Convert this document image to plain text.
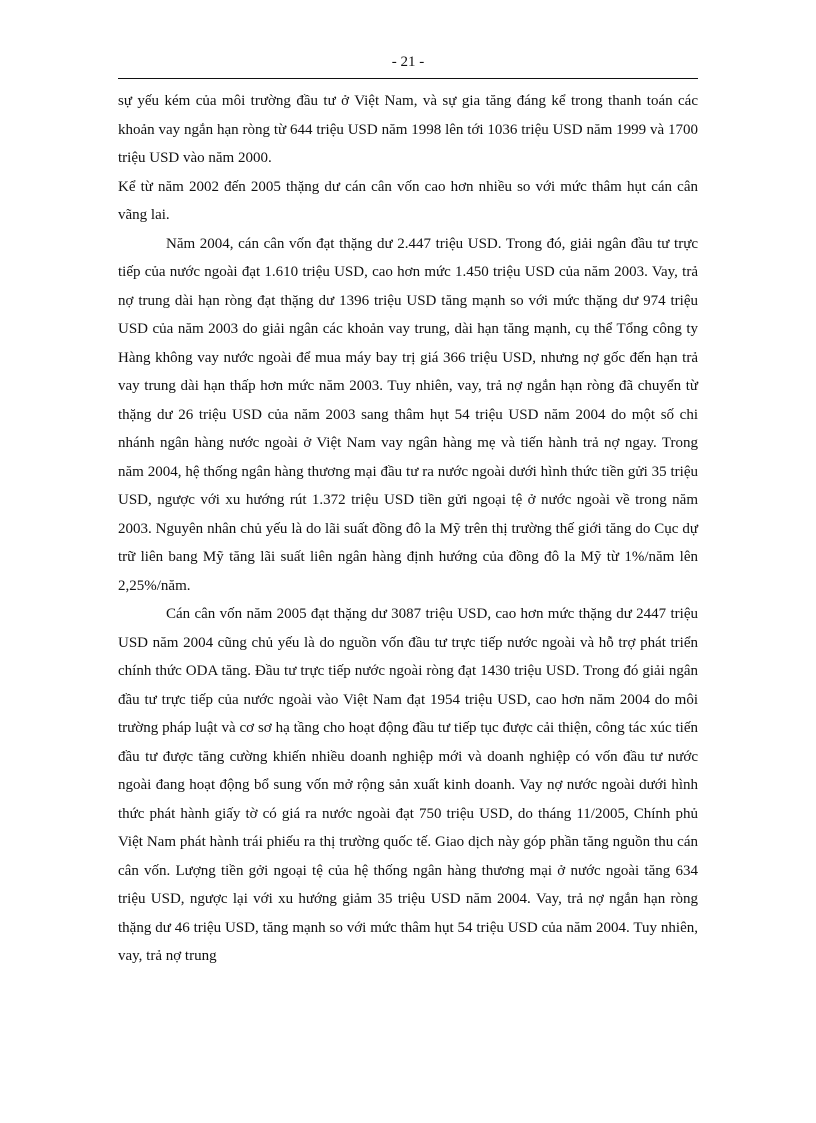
- 21 -

sự yếu kém của môi trường đầu tư ở Việt Nam, và sự gia tăng đáng kể trong thanh toán các khoản vay ngắn hạn ròng từ 644 triệu USD năm 1998 lên tới 1036 triệu USD năm 1999 và 1700 triệu USD vào năm 2000.

Kể từ năm 2002 đến 2005 thặng dư cán cân vốn cao hơn nhiều so với mức thâm hụt cán cân vãng lai.

Năm 2004, cán cân vốn đạt thặng dư 2.447 triệu USD. Trong đó, giải ngân đầu tư trực tiếp của nước ngoài đạt 1.610 triệu USD, cao hơn mức 1.450 triệu USD của năm 2003. Vay, trả nợ trung dài hạn ròng đạt thặng dư 1396 triệu USD tăng mạnh so với mức thặng dư 974 triệu USD của năm 2003 do giải ngân các khoản vay trung, dài hạn tăng mạnh, cụ thể Tổng công ty Hàng không vay nước ngoài để mua máy bay trị giá 366 triệu USD, nhưng nợ gốc đến hạn trả vay trung dài hạn thấp hơn mức năm 2003. Tuy nhiên, vay, trả nợ ngắn hạn ròng đã chuyển từ thặng dư 26 triệu USD của năm 2003 sang thâm hụt 54 triệu USD năm 2004 do một số chi nhánh ngân hàng nước ngoài ở Việt Nam vay ngân hàng mẹ và tiến hành trả nợ ngay. Trong năm 2004, hệ thống ngân hàng thương mại đầu tư ra nước ngoài dưới hình thức tiền gửi 35 triệu USD, ngược với xu hướng rút 1.372 triệu USD tiền gửi ngoại tệ ở nước ngoài về trong năm 2003. Nguyên nhân chủ yếu là do lãi suất đồng đô la Mỹ trên thị trường thế giới tăng do Cục dự trữ liên bang Mỹ tăng lãi suất liên ngân hàng định hướng của đồng đô la Mỹ từ 1%/năm lên 2,25%/năm.

Cán cân vốn năm 2005 đạt thặng dư 3087 triệu USD, cao hơn mức thặng dư 2447 triệu USD năm 2004 cũng chủ yếu là do nguồn vốn đầu tư trực tiếp nước ngoài và hỗ trợ phát triển chính thức ODA tăng. Đầu tư trực tiếp nước ngoài ròng đạt 1430 triệu USD. Trong đó giải ngân đầu tư trực tiếp của nước ngoài vào Việt Nam đạt 1954 triệu USD, cao hơn năm 2004 do môi trường pháp luật và cơ sơ hạ tầng cho hoạt động đầu tư tiếp tục được cải thiện, công tác xúc tiến đầu tư được tăng cường khiến nhiều doanh nghiệp mới và doanh nghiệp có vốn đầu tư nước ngoài đang hoạt động bổ sung vốn mở rộng sản xuất kinh doanh. Vay nợ nước ngoài dưới hình thức phát hành giấy tờ có giá ra nước ngoài đạt 750 triệu USD, do tháng 11/2005, Chính phủ Việt Nam phát hành trái phiếu ra thị trường quốc tế. Giao dịch này góp phần tăng nguồn thu cán cân vốn. Lượng tiền gởi ngoại tệ của hệ thống ngân hàng thương mại ở nước ngoài tăng 634 triệu USD, ngược lại với xu hướng giảm 35 triệu USD năm 2004. Vay, trả nợ ngắn hạn ròng thặng dư 46 triệu USD, tăng mạnh so với mức thâm hụt 54 triệu USD của năm 2004. Tuy nhiên, vay, trả nợ trung
